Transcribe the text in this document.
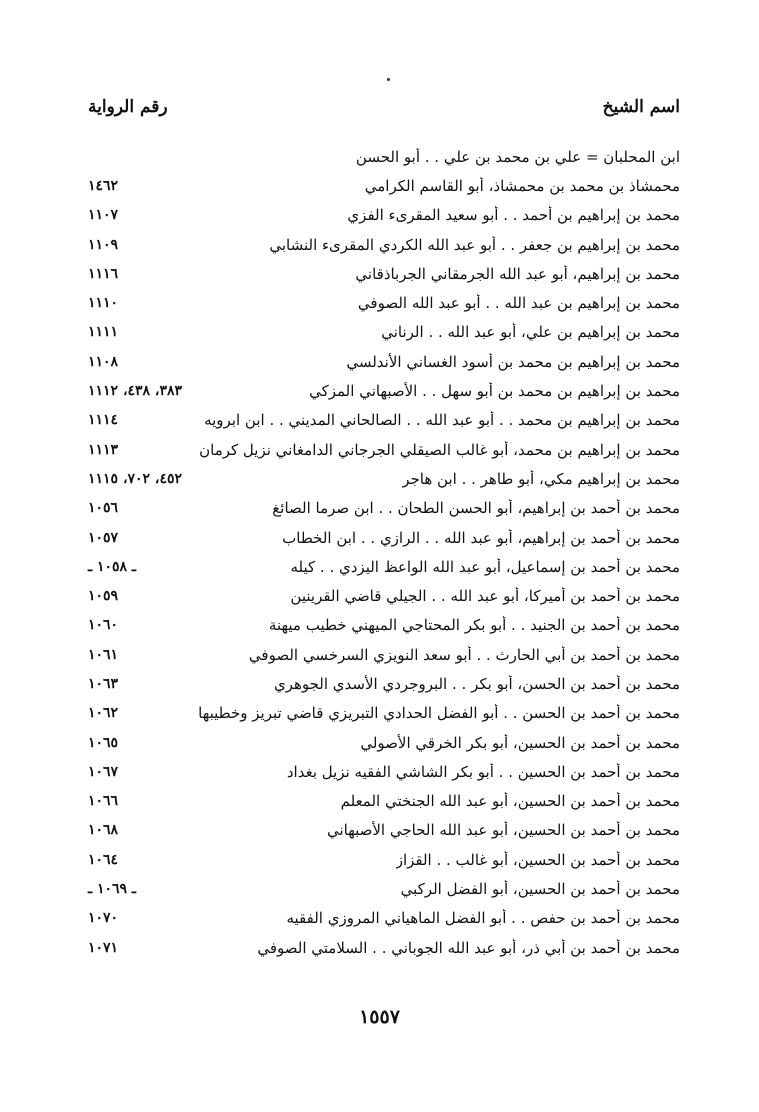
رقم الرواية	اسم الشيخ
ابن المحلبان = علي بن محمد بن علي . . أبو الحسن
١٤٦٢	محمشاذ بن محمد بن محمشاذ، أبو القاسم الكرامي
١١٠٧	محمد بن إبراهيم بن أحمد . . أبو سعيد المقرىء الفزي
١١٠٩	محمد بن إبراهيم بن جعفر . . أبو عبد الله الكردي المقرىء النشابي
١١١٦	محمد بن إبراهيم، أبو عبد الله الجرمقاني الجرباذقاني
١١١٠	محمد بن إبراهيم بن عبد الله . . أبو عبد الله الصوفي
١١١١	محمد بن إبراهيم بن علي، أبو عبد الله . . الرناني
١١٠٨	محمد بن إبراهيم بن محمد بن أسود الغساني الأندلسي
٣٨٣، ٤٣٨، ١١١٢	محمد بن إبراهيم بن محمد بن أبو سهل . . الأصبهاني المزكي
١١١٤	محمد بن إبراهيم بن محمد . . أبو عبد الله . . الصالحاني المديني . . ابن ابرويه
١١١٣	محمد بن إبراهيم بن محمد، أبو غالب الصيقلي الجرجاني الدامغاني نزيل كرمان
٤٥٢، ٧٠٢، ١١١٥	محمد بن إبراهيم مكي، أبو طاهر . . ابن هاجر
١٠٥٦	محمد بن أحمد بن إبراهيم، أبو الحسن الطحان . . ابن صرما الصائغ
١٠٥٧	محمد بن أحمد بن إبراهيم، أبو عبد الله . . الرازي . . ابن الخطاب
ـ ١٠٥٨ ـ	محمد بن أحمد بن إسماعيل، أبو عبد الله الواعظ اليزدي . . كيله
١٠٥٩	محمد بن أحمد بن أميركا، أبو عبد الله . . الجيلي قاضي القرينين
١٠٦٠	محمد بن أحمد بن الجنيد . . أبو بكر المحتاجي الميهني خطيب ميهنة
١٠٦١	محمد بن أحمد بن أبي الحارث . . أبو سعد النويزي السرخسي الصوفي
١٠٦٣	محمد بن أحمد بن الحسن، أبو بكر . . البروجردي الأسدي الجوهري
١٠٦٢	محمد بن أحمد بن الحسن . . أبو الفضل الحدادي التبريزي قاضي تبريز وخطيبها
١٠٦٥	محمد بن أحمد بن الحسين، أبو بكر الخرقي الأصولي
١٠٦٧	محمد بن أحمد بن الحسين . . أبو بكر الشاشي الفقيه نزيل بغداد
١٠٦٦	محمد بن أحمد بن الحسين، أبو عبد الله الجنختي المعلم
١٠٦٨	محمد بن أحمد بن الحسين، أبو عبد الله الحاجي الأصبهاني
١٠٦٤	محمد بن أحمد بن الحسين، أبو غالب . . القزاز
ـ ١٠٦٩ ـ	محمد بن أحمد بن الحسين، أبو الفضل الركبي
١٠٧٠	محمد بن أحمد بن حفص . . أبو الفضل الماهياني المروزي الفقيه
١٠٧١	محمد بن أحمد بن أبي ذر، أبو عبد الله الجوباني . . السلامتي الصوفي
١٥٥٧
